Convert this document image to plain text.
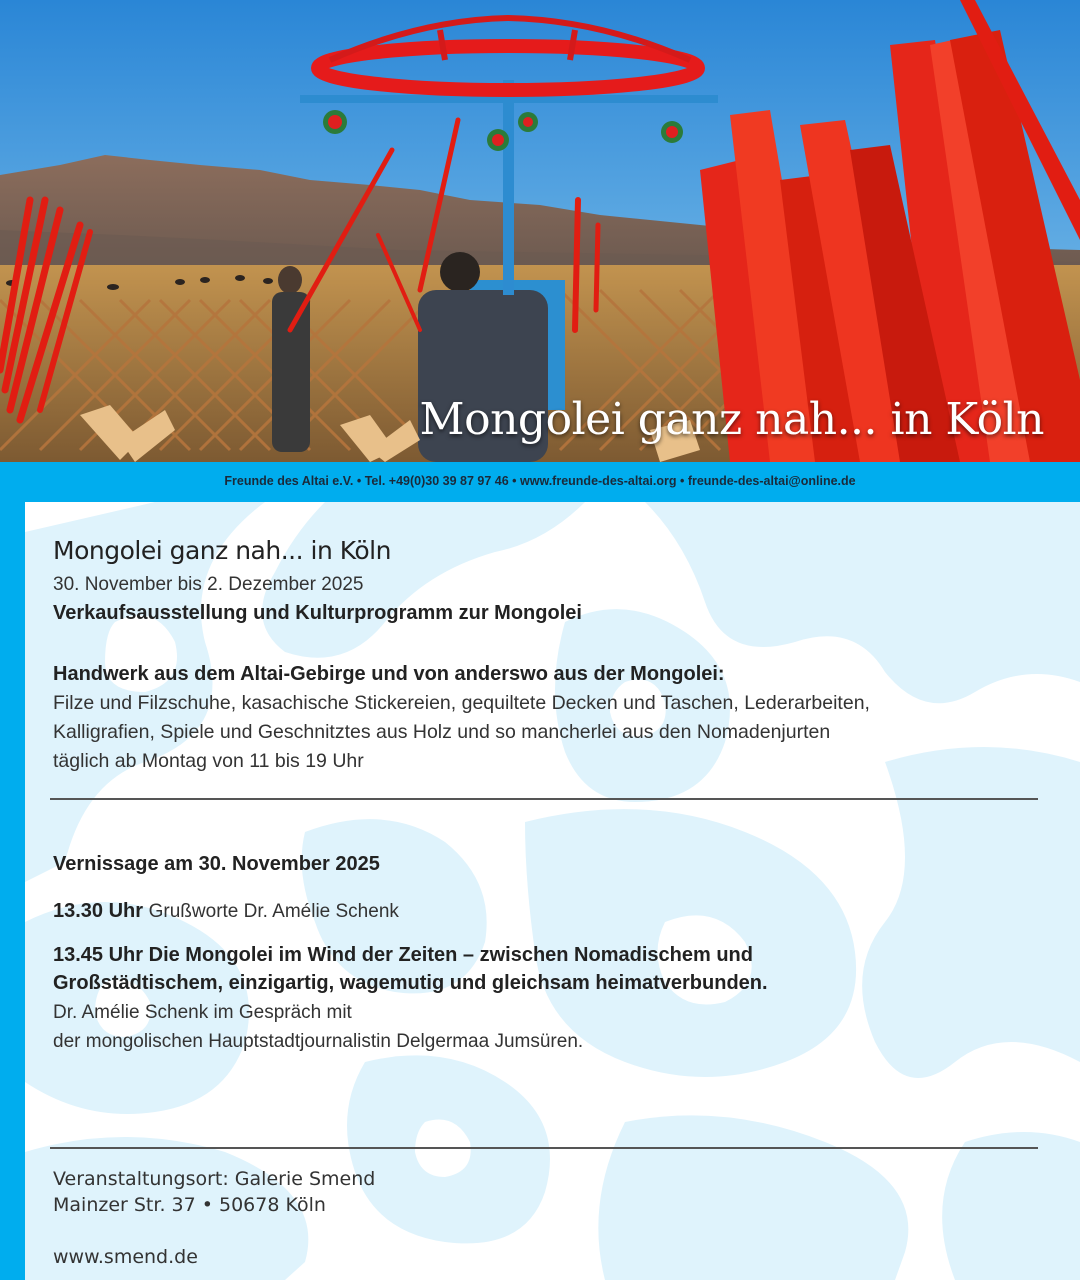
Mongolei ganz nah... in Köln
Freunde des Altai e.V. • Tel. +49(0)30 39 87 97 46 • www.freunde-des-altai.org • freunde-des-altai@online.de
Mongolei ganz nah... in Köln
30. November bis 2. Dezember 2025
Verkaufsausstellung und Kulturprogramm zur Mongolei
Handwerk aus dem Altai-Gebirge und von anderswo aus der Mongolei:
Filze und Filzschuhe, kasachische Stickereien, gequiltete Decken und Taschen, Lederarbeiten,
Kalligrafien, Spiele und Geschnitztes aus Holz und so mancherlei aus den Nomadenjurten
täglich ab Montag von 11 bis 19 Uhr
Vernissage am 30. November 2025
13.30 Uhr Grußworte Dr. Amélie Schenk
13.45 Uhr Die Mongolei im Wind der Zeiten – zwischen Nomadischem und
Großstädtischem, einzigartig, wagemutig und gleichsam heimatverbunden.
Dr. Amélie Schenk im Gespräch mit
der mongolischen Hauptstadtjournalistin Delgermaa Jumsüren.
Veranstaltungsort: Galerie Smend
Mainzer Str. 37 • 50678 Köln
www.smend.de
